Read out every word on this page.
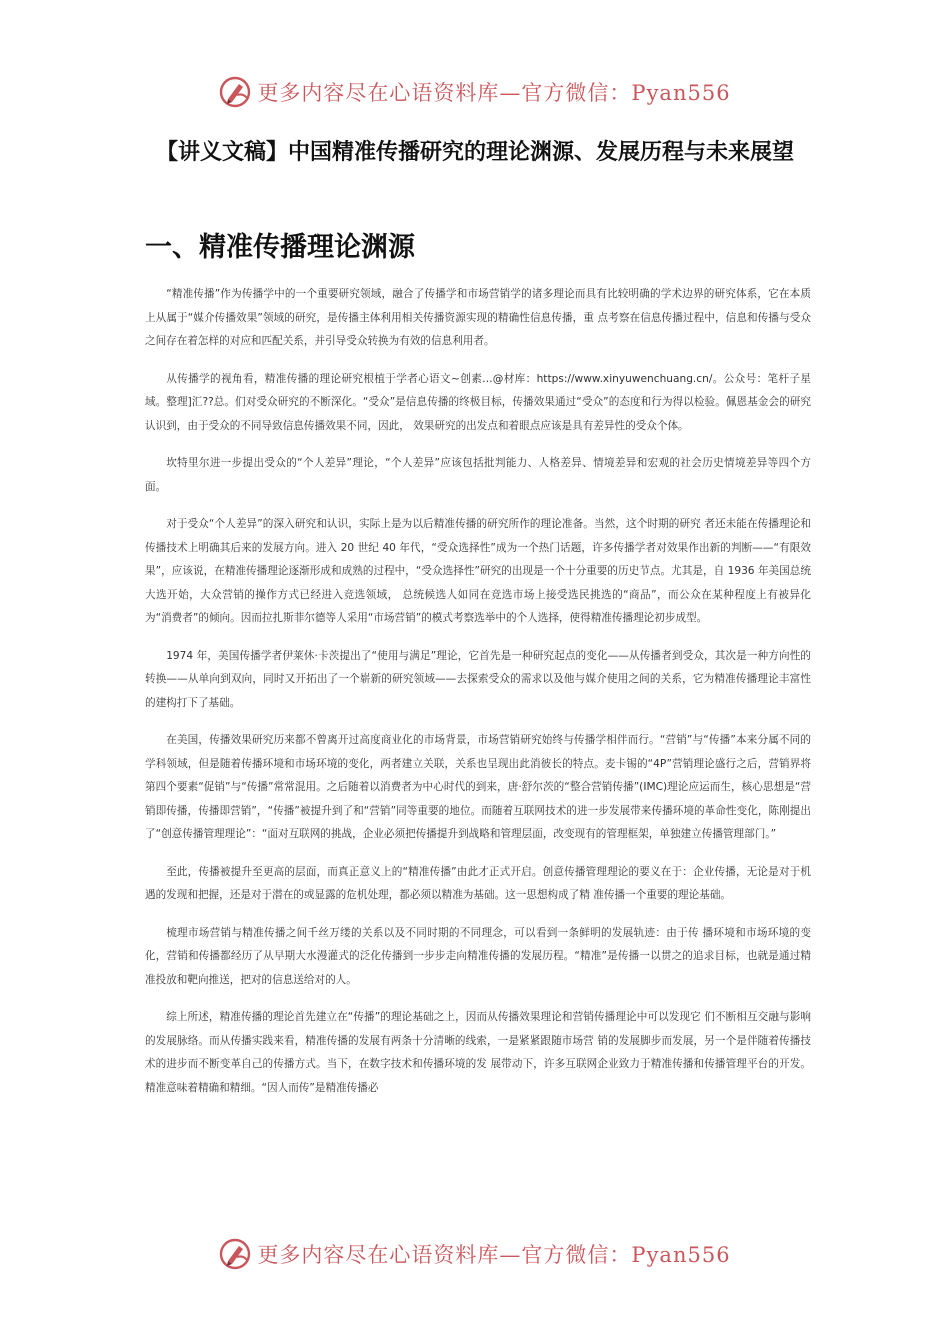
更多内容尽在心语资料库—官方微信：Pyan556
【讲义文稿】中国精准传播研究的理论渊源、发展历程与未来展望
一、精准传播理论渊源

“精准传播”作为传播学中的一个重要研究领域，融合了传播学和市场营销学的诸多理论而具有比较明确的学术边界的研究体系，它在本质上从属于“媒介传播效果”领域的研究，是传播主体利用相关传播资源实现的精确性信息传播，重 点考察在信息传播过程中，信息和传播与受众之间存在着怎样的对应和匹配关系，并引导受众转换为有效的信息利用者。

从传播学的视角看，精准传播的理论研究根植于学者心语文~创素…@材库：https://www.xinyuwenchuang.cn/。公众号：笔杆子星域。整理]汇??总。们对受众研究的不断深化。“受众”是信息传播的终极目标，传播效果通过“受众”的态度和行为得以检验。佩恩基金会的研究认识到，由于受众的不同导致信息传播效果不同，因此， 效果研究的出发点和着眼点应该是具有差异性的受众个体。

坎特里尔进一步提出受众的“个人差异”理论，“个人差异”应该包括批判能力、人格差异、情境差异和宏观的社会历史情境差异等四个方面。

对于受众“个人差异”的深入研究和认识，实际上是为以后精准传播的研究所作的理论准备。当然，这个时期的研究 者还未能在传播理论和传播技术上明确其后来的发展方向。进入 20 世纪 40 年代，“受众选择性”成为一个热门话题，许多传播学者对效果作出新的判断——“有限效果”，应该说，在精准传播理论逐渐形成和成熟的过程中，“受众选择性”研究的出现是一个十分重要的历史节点。尤其是，自 1936 年美国总统大选开始，大众营销的操作方式已经进入竞选领域， 总统候选人如同在竞选市场上接受选民挑选的“商品”，而公众在某种程度上有被异化为“消费者”的倾向。因而拉扎斯菲尔德等人采用“市场营销”的模式考察选举中的个人选择，使得精准传播理论初步成型。

1974 年，美国传播学者伊莱休·卡茨提出了“使用与满足”理论，它首先是一种研究起点的变化——从传播者到受众，其次是一种方向性的转换——从单向到双向，同时又开拓出了一个崭新的研究领域——去探索受众的需求以及他与媒介使用之间的关系，它为精准传播理论丰富性的建构打下了基础。

在美国，传播效果研究历来都不曾离开过高度商业化的市场背景，市场营销研究始终与传播学相伴而行。“营销”与“传播”本来分属不同的学科领域，但是随着传播环境和市场环境的变化，两者建立关联，关系也呈现出此消彼长的特点。麦卡锡的“4P”营销理论盛行之后，营销界将第四个要素“促销”与“传播”常常混用。之后随着以消费者为中心时代的到来，唐·舒尔茨的“整合营销传播”(IMC)理论应运而生，核心思想是“营销即传播，传播即营销”，“传播”被提升到了和“营销”同等重要的地位。而随着互联网技术的进一步发展带来传播环境的革命性变化，陈刚提出了“创意传播管理理论”：“面对互联网的挑战，企业必须把传播提升到战略和管理层面，改变现有的管理框架，单独建立传播管理部门。”

至此，传播被提升至更高的层面，而真正意义上的“精准传播”由此才正式开启。创意传播管理理论的要义在于：企业传播，无论是对于机遇的发现和把握，还是对于潜在的或显露的危机处理，都必须以精准为基础。这一思想构成了精 准传播一个重要的理论基础。

梳理市场营销与精准传播之间千丝万缕的关系以及不同时期的不同理念，可以看到一条鲜明的发展轨迹：由于传 播环境和市场环境的变化，营销和传播都经历了从早期大水漫灌式的泛化传播到一步步走向精准传播的发展历程。“精准”是传播一以贯之的追求目标，也就是通过精准投放和靶向推送，把对的信息送给对的人。

综上所述，精准传播的理论首先建立在“传播”的理论基础之上，因而从传播效果理论和营销传播理论中可以发现它 们不断相互交融与影响的发展脉络。而从传播实践来看，精准传播的发展有两条十分清晰的线索，一是紧紧跟随市场营 销的发展脚步而发展，另一个是伴随着传播技术的进步而不断变革自己的传播方式。当下，在数字技术和传播环境的发 展带动下，许多互联网企业致力于精准传播和传播管理平台的开发。精准意味着精确和精细。“因人而传”是精准传播必

更多内容尽在心语资料库—官方微信：Pyan556
